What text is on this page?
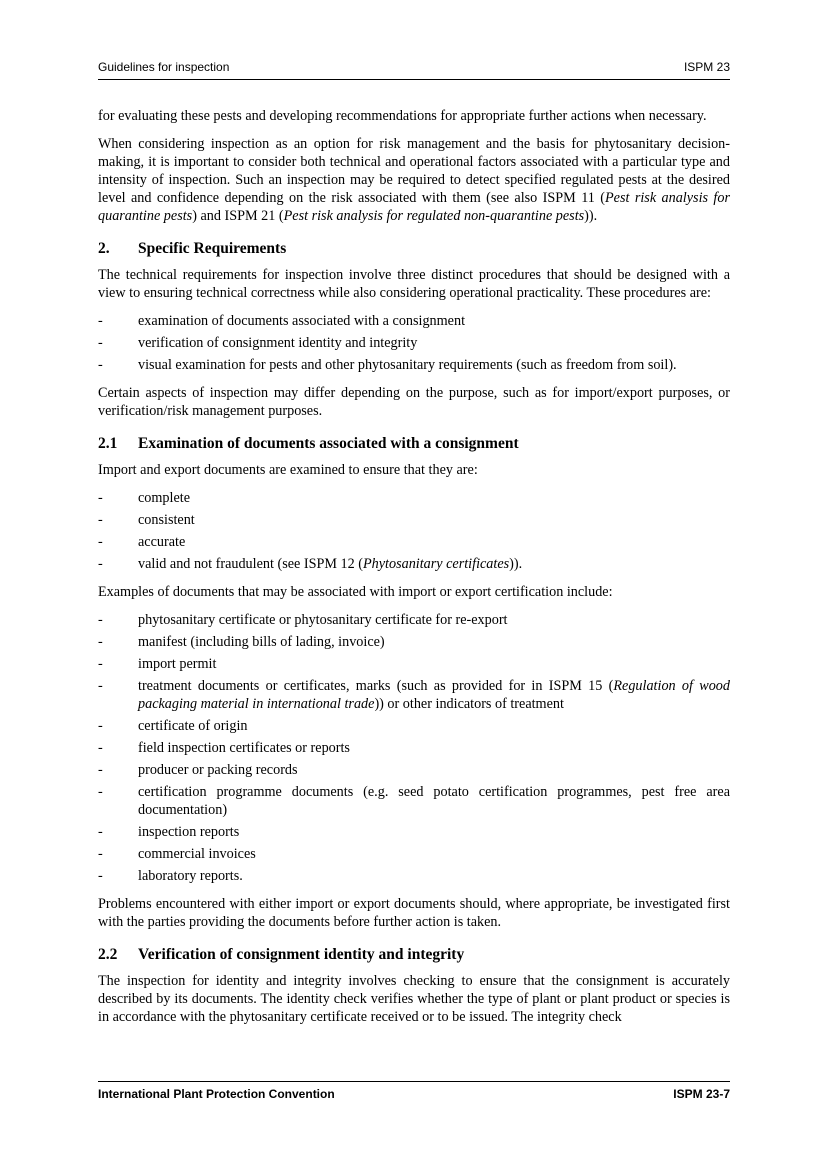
Guidelines for inspection	ISPM 23

for evaluating these pests and developing recommendations for appropriate further actions when necessary.

When considering inspection as an option for risk management and the basis for phytosanitary decision-making, it is important to consider both technical and operational factors associated with a particular type and intensity of inspection. Such an inspection may be required to detect specified regulated pests at the desired level and confidence depending on the risk associated with them (see also ISPM 11 (Pest risk analysis for quarantine pests) and ISPM 21 (Pest risk analysis for regulated non-quarantine pests)).

2. Specific Requirements

The technical requirements for inspection involve three distinct procedures that should be designed with a view to ensuring technical correctness while also considering operational practicality. These procedures are:

- examination of documents associated with a consignment
- verification of consignment identity and integrity
- visual examination for pests and other phytosanitary requirements (such as freedom from soil).

Certain aspects of inspection may differ depending on the purpose, such as for import/export purposes, or verification/risk management purposes.

2.1 Examination of documents associated with a consignment

Import and export documents are examined to ensure that they are:

- complete
- consistent
- accurate
- valid and not fraudulent (see ISPM 12 (Phytosanitary certificates)).

Examples of documents that may be associated with import or export certification include:

- phytosanitary certificate or phytosanitary certificate for re-export
- manifest (including bills of lading, invoice)
- import permit
- treatment documents or certificates, marks (such as provided for in ISPM 15 (Regulation of wood packaging material in international trade)) or other indicators of treatment
- certificate of origin
- field inspection certificates or reports
- producer or packing records
- certification programme documents (e.g. seed potato certification programmes, pest free area documentation)
- inspection reports
- commercial invoices
- laboratory reports.

Problems encountered with either import or export documents should, where appropriate, be investigated first with the parties providing the documents before further action is taken.

2.2 Verification of consignment identity and integrity

The inspection for identity and integrity involves checking to ensure that the consignment is accurately described by its documents. The identity check verifies whether the type of plant or plant product or species is in accordance with the phytosanitary certificate received or to be issued. The integrity check

International Plant Protection Convention	ISPM 23-7
